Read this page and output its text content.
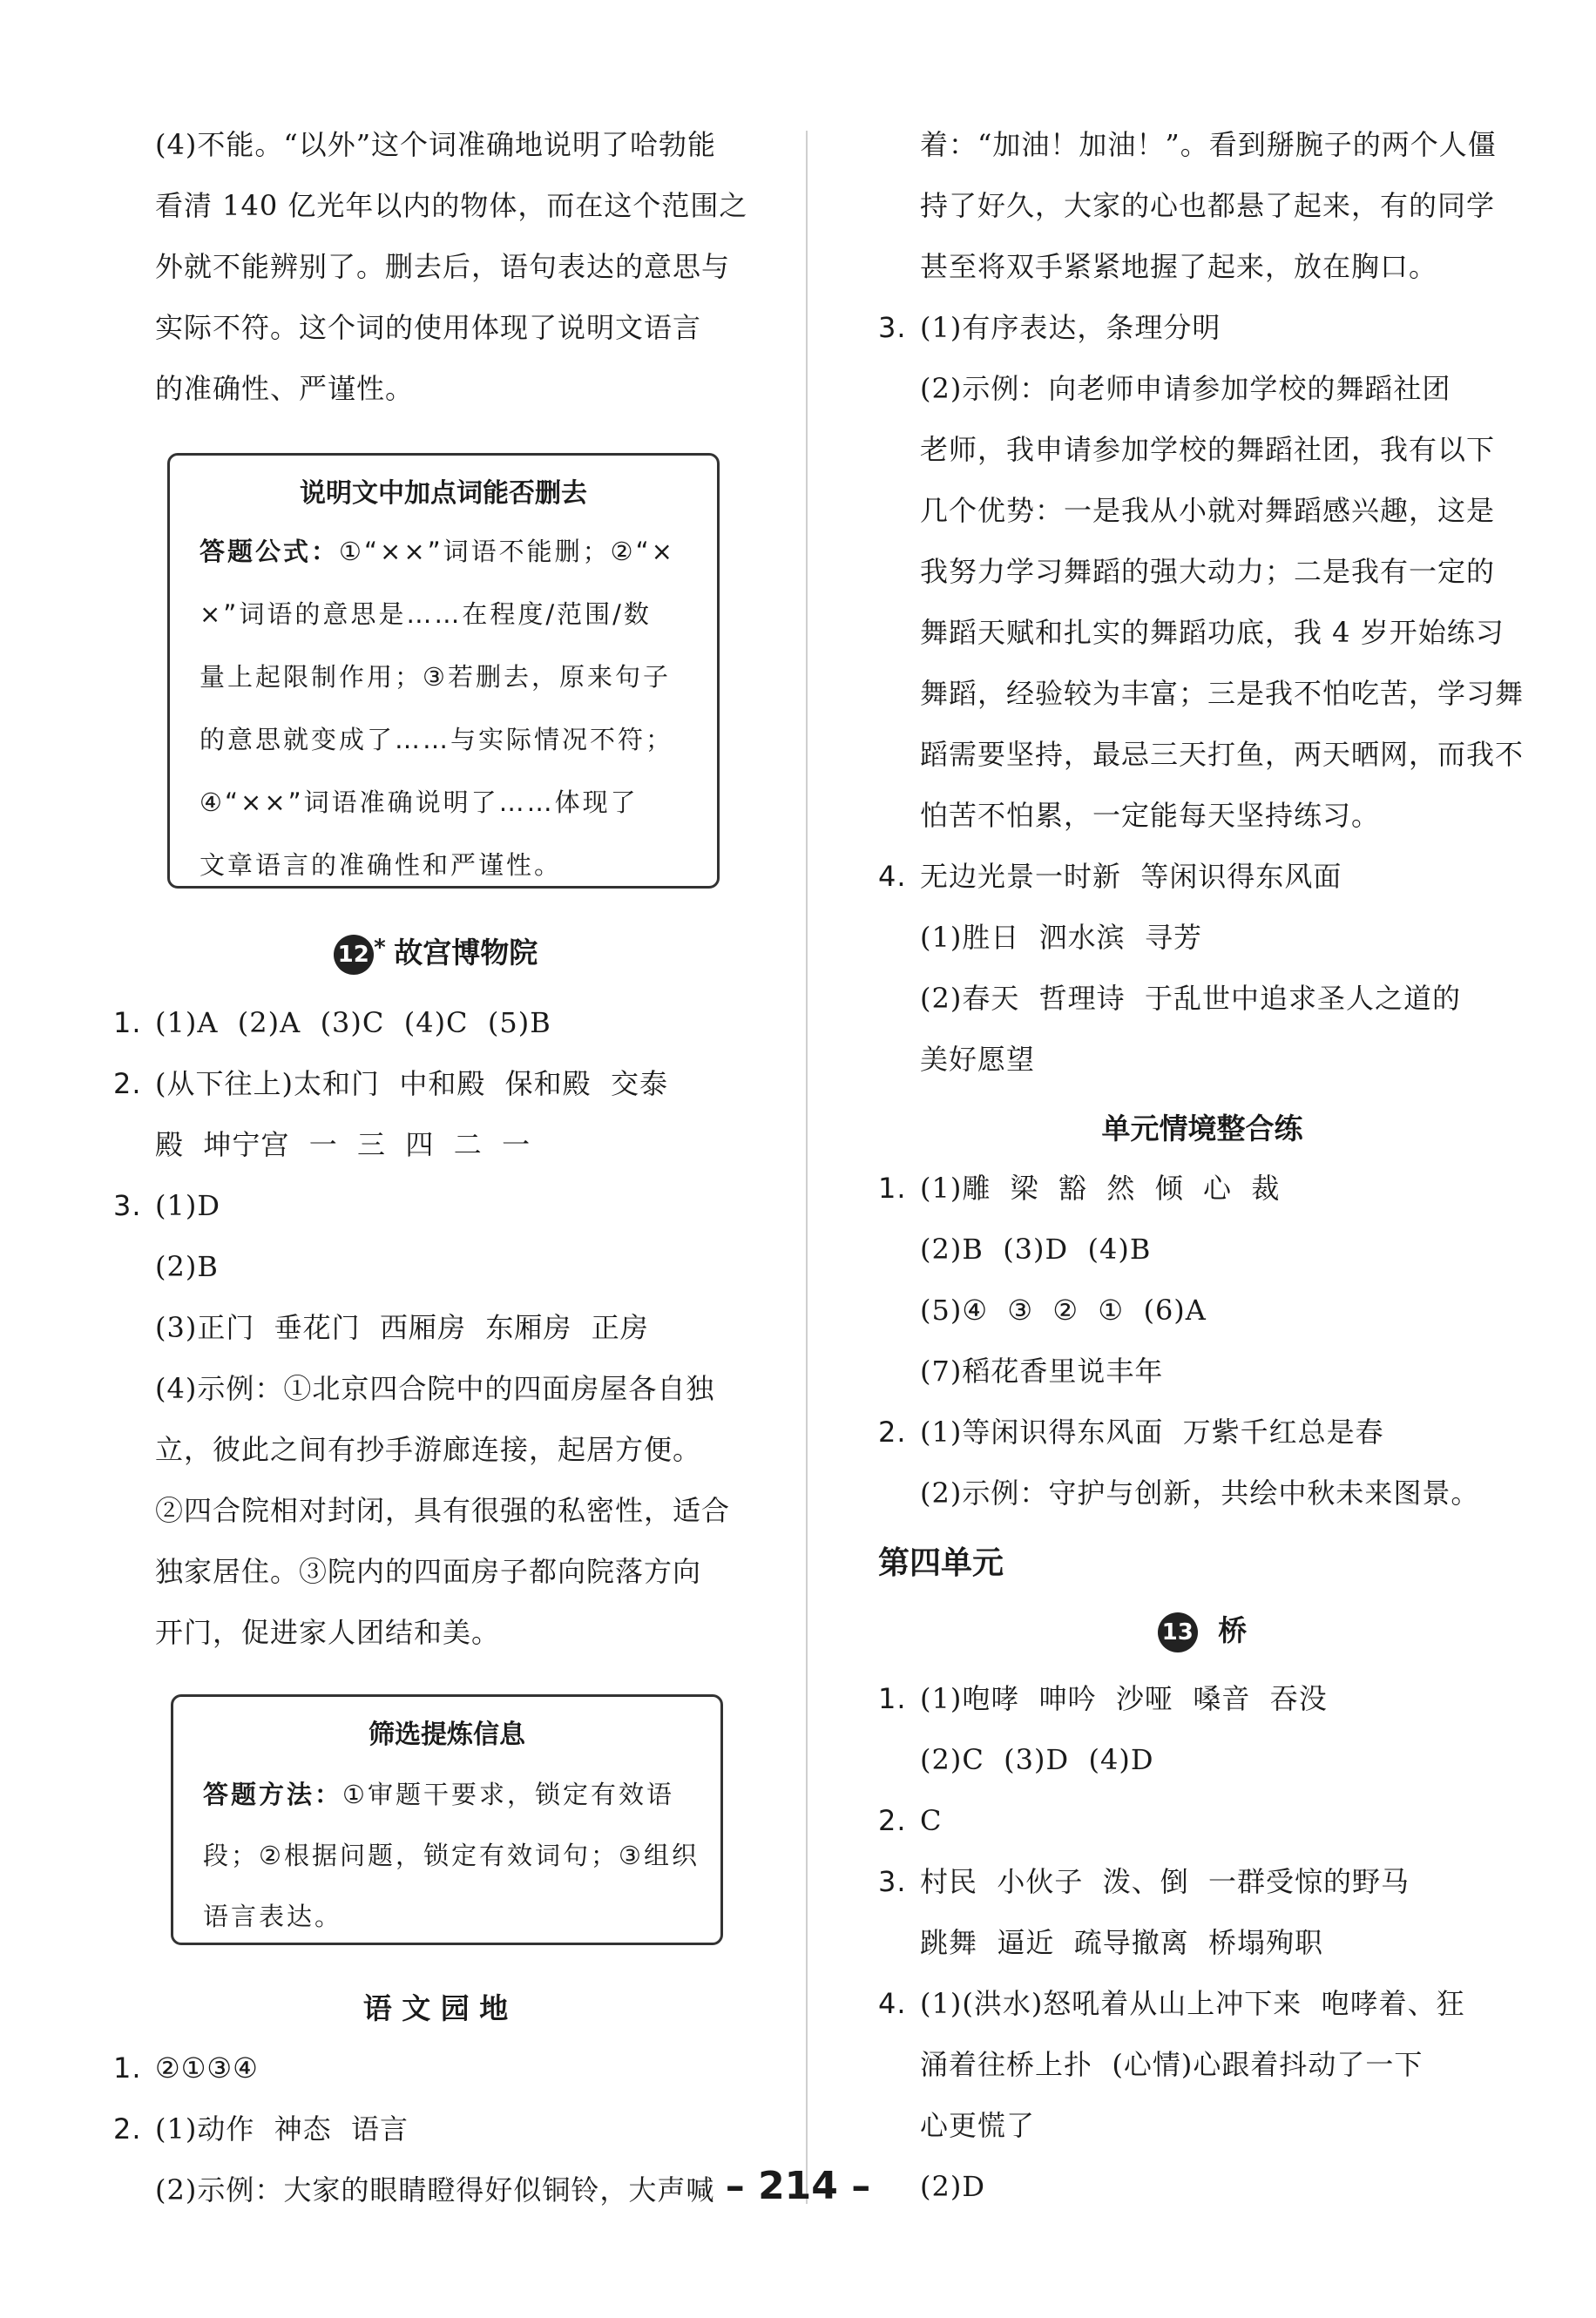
(4)不能。“以外”这个词准确地说明了哈勃能
看清 140 亿光年以内的物体，而在这个范围之
外就不能辨别了。删去后，语句表达的意思与
实际不符。这个词的使用体现了说明文语言
的准确性、严谨性。
说明文中加点词能否删去
答题公式：①“××”词语不能删；②“×
×”词语的意思是……在程度/范围/数
量上起限制作用；③若删去，原来句子
的意思就变成了……与实际情况不符；
④“××”词语准确说明了……体现了
文章语言的准确性和严谨性。
12 * 故宫博物院
1. (1)A  (2)A  (3)C  (4)C  (5)B
2. (从下往上)太和门  中和殿  保和殿  交泰
殿  坤宁宫  一  三  四  二  一
3. (1)D
(2)B
(3)正门  垂花门  西厢房  东厢房  正房
(4)示例：①北京四合院中的四面房屋各自独
立，彼此之间有抄手游廊连接，起居方便。
②四合院相对封闭，具有很强的私密性，适合
独家居住。③院内的四面房子都向院落方向
开门，促进家人团结和美。
筛选提炼信息
答题方法：①审题干要求，锁定有效语
段；②根据问题，锁定有效词句；③组织
语言表达。
语 文 园 地
1. ②①③④
2. (1)动作  神态  语言
(2)示例：大家的眼睛瞪得好似铜铃，大声喊
着：“加油！加油！”。看到掰腕子的两个人僵
持了好久，大家的心也都悬了起来，有的同学
甚至将双手紧紧地握了起来，放在胸口。
3. (1)有序表达，条理分明
(2)示例：向老师申请参加学校的舞蹈社团
老师，我申请参加学校的舞蹈社团，我有以下
几个优势：一是我从小就对舞蹈感兴趣，这是
我努力学习舞蹈的强大动力；二是我有一定的
舞蹈天赋和扎实的舞蹈功底，我 4 岁开始练习
舞蹈，经验较为丰富；三是我不怕吃苦，学习舞
蹈需要坚持，最忌三天打鱼，两天晒网，而我不
怕苦不怕累，一定能每天坚持练习。
4. 无边光景一时新  等闲识得东风面
(1)胜日  泗水滨  寻芳
(2)春天  哲理诗  于乱世中追求圣人之道的
美好愿望
单元情境整合练
1. (1)雕  梁  豁  然  倾  心  裁
(2)B  (3)D  (4)B
(5)④  ③  ②  ①  (6)A
(7)稻花香里说丰年
2. (1)等闲识得东风面  万紫千红总是春
(2)示例：守护与创新，共绘中秋未来图景。
第四单元
13 桥
1. (1)咆哮  呻吟  沙哑  嗓音  吞没
(2)C  (3)D  (4)D
2. C
3. 村民  小伙子  泼、倒  一群受惊的野马
跳舞  逼近  疏导撤离  桥塌殉职
4. (1)(洪水)怒吼着从山上冲下来  咆哮着、狂
涌着往桥上扑  (心情)心跟着抖动了一下
心更慌了
(2)D
– 214 –
